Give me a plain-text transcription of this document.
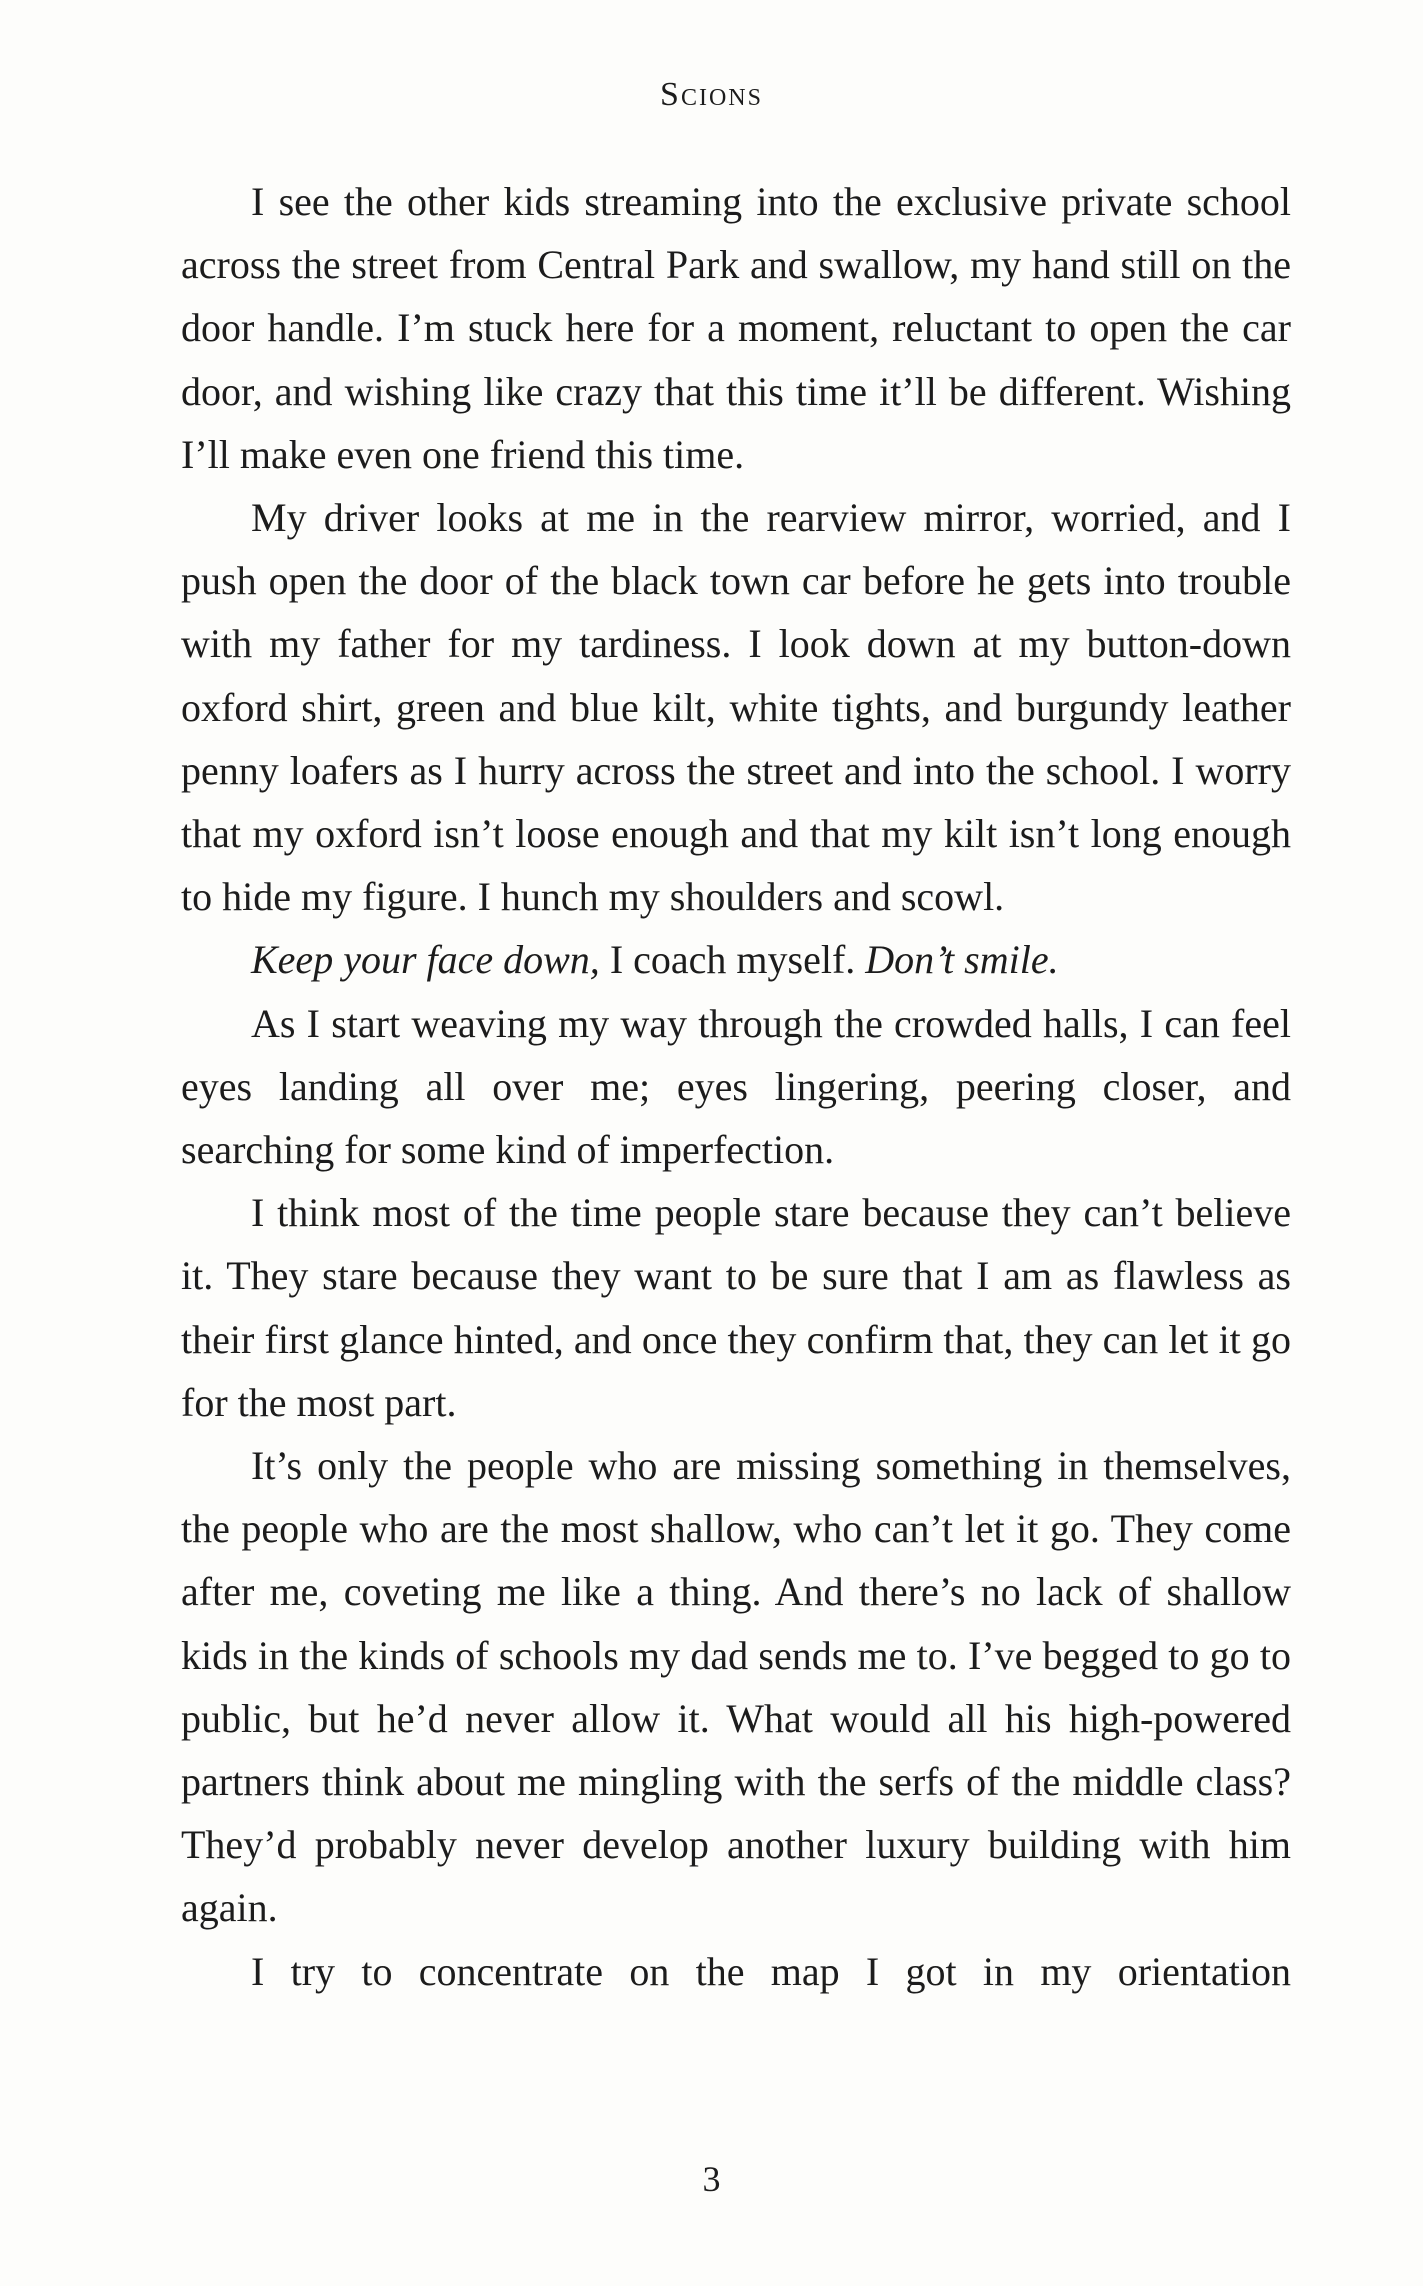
Scions

I see the other kids streaming into the exclusive private school across the street from Central Park and swallow, my hand still on the door handle. I’m stuck here for a moment, reluctant to open the car door, and wishing like crazy that this time it’ll be different. Wishing I’ll make even one friend this time.

My driver looks at me in the rearview mirror, worried, and I push open the door of the black town car before he gets into trouble with my father for my tardiness. I look down at my button-down oxford shirt, green and blue kilt, white tights, and burgundy leather penny loafers as I hurry across the street and into the school. I worry that my oxford isn’t loose enough and that my kilt isn’t long enough to hide my figure. I hunch my shoulders and scowl.

Keep your face down, I coach myself. Don’t smile.

As I start weaving my way through the crowded halls, I can feel eyes landing all over me; eyes lingering, peering closer, and searching for some kind of imperfection.

I think most of the time people stare because they can’t believe it. They stare because they want to be sure that I am as flawless as their first glance hinted, and once they confirm that, they can let it go for the most part.

It’s only the people who are missing something in themselves, the people who are the most shallow, who can’t let it go. They come after me, coveting me like a thing. And there’s no lack of shallow kids in the kinds of schools my dad sends me to. I’ve begged to go to public, but he’d never allow it. What would all his high-powered partners think about me mingling with the serfs of the middle class? They’d probably never develop another luxury building with him again.

I try to concentrate on the map I got in my orientation

3
